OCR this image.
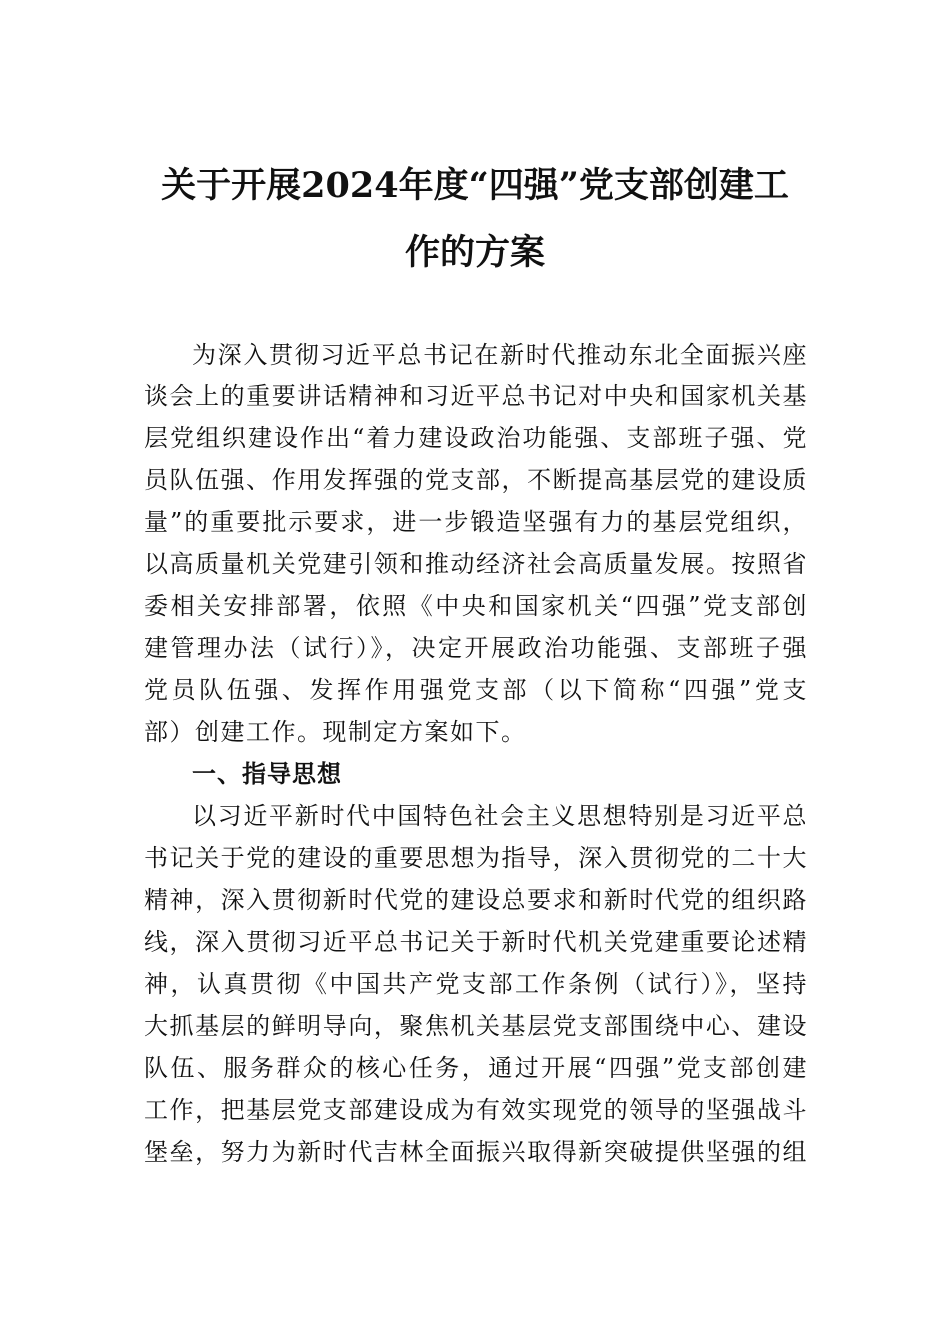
关于开展2024年度“四强”党支部创建工
作的方案
为深入贯彻习近平总书记在新时代推动东北全面振兴座
谈会上的重要讲话精神和习近平总书记对中央和国家机关基
层党组织建设作出“着力建设政治功能强、支部班子强、党
员队伍强、作用发挥强的党支部，不断提高基层党的建设质
量”的重要批示要求，进一步锻造坚强有力的基层党组织，
以高质量机关党建引领和推动经济社会高质量发展。按照省
委相关安排部署，依照《中央和国家机关“四强”党支部创
建管理办法（试行）》，决定开展政治功能强、支部班子强
党员队伍强、发挥作用强党支部（以下简称“四强”党支
部）创建工作。现制定方案如下。
一、指导思想
以习近平新时代中国特色社会主义思想特别是习近平总
书记关于党的建设的重要思想为指导，深入贯彻党的二十大
精神，深入贯彻新时代党的建设总要求和新时代党的组织路
线，深入贯彻习近平总书记关于新时代机关党建重要论述精
神，认真贯彻《中国共产党支部工作条例（试行）》，坚持
大抓基层的鲜明导向，聚焦机关基层党支部围绕中心、建设
队伍、服务群众的核心任务，通过开展“四强”党支部创建
工作，把基层党支部建设成为有效实现党的领导的坚强战斗
堡垒，努力为新时代吉林全面振兴取得新突破提供坚强的组
